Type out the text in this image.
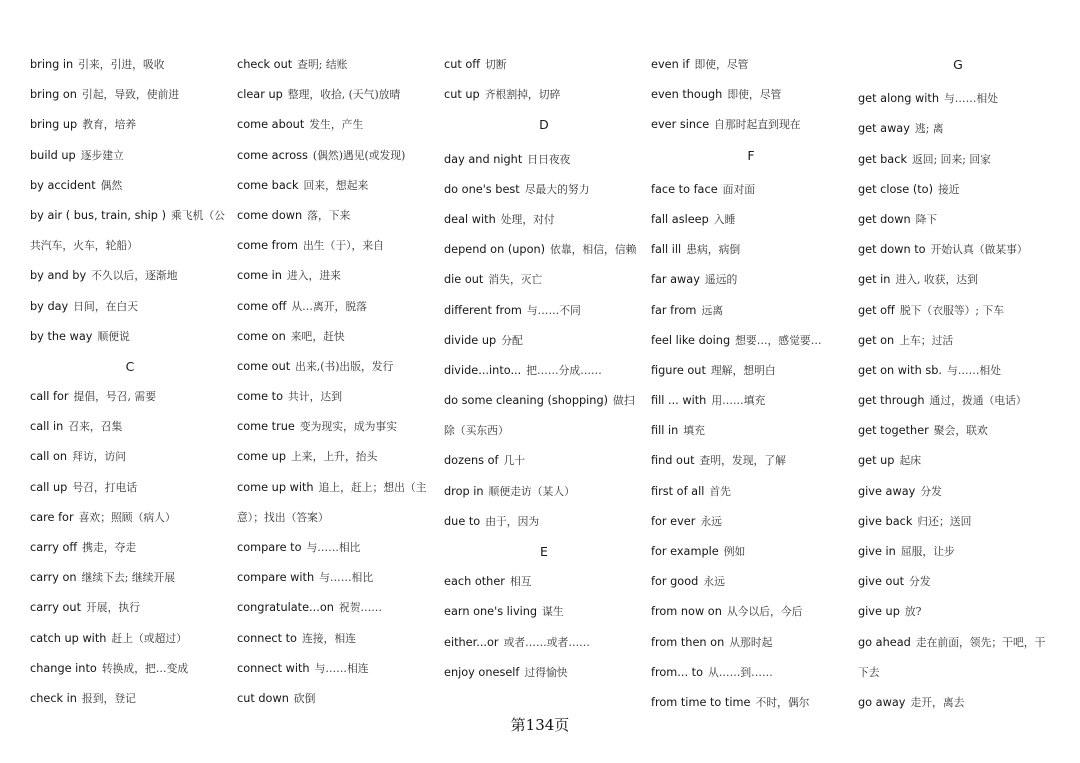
bring in 引来，引进，吸收
bring on 引起，导致，使前进
bring up 教育，培养
build up 逐步建立
by accident 偶然
by air ( bus, train, ship ) 乘飞机（公
共汽车，火车，轮船）
by and by 不久以后，逐渐地
by day 日间，在白天
by the way 顺便说
C
call for 提倡，号召, 需要
call in 召来，召集
call on 拜访，访问
call up 号召，打电话
care for 喜欢；照顾（病人）
carry off 携走，夺走
carry on 继续下去; 继续开展
carry out 开展，执行
catch up with 赶上（或超过）
change into 转换成，把…变成
check in 报到，登记
check out 查明; 结账
clear up 整理，收拾, (天气)放晴
come about 发生，产生
come across (偶然)遇见(或发现)
come back 回来，想起来
come down 落，下来
come from 出生（于），来自
come in 进入，进来
come off 从…离开，脱落
come on 来吧，赶快
come out 出来,(书)出版，发行
come to 共计，达到
come true 变为现实，成为事实
come up 上来，上升，抬头
come up with 追上，赶上；想出（主
意）；找出（答案）
compare to 与……相比
compare with 与……相比
congratulate...on 祝贺……
connect to 连接，相连
connect with 与……相连
cut down 砍倒
cut off 切断
cut up 齐根割掉，切碎
D
day and night 日日夜夜
do one's best 尽最大的努力
deal with 处理，对付
depend on (upon) 依靠，相信，信赖
die out 消失，灭亡
different from 与……不同
divide up 分配
divide...into... 把……分成……
do some cleaning (shopping) 做扫
除（买东西）
dozens of 几十
drop in 顺便走访（某人）
due to 由于，因为
E
each other 相互
earn one's living 谋生
either...or 或者……或者……
enjoy oneself 过得愉快
even if 即使，尽管
even though 即使，尽管
ever since 自那时起直到现在
F
face to face 面对面
fall asleep 入睡
fall ill 患病，病倒
far away 遥远的
far from 远离
feel like doing 想要…，感觉要…
figure out 理解，想明白
fill ... with 用……填充
fill in 填充
find out 查明，发现，了解
first of all 首先
for ever 永远
for example 例如
for good 永远
from now on 从今以后，今后
from then on 从那时起
from... to 从……到……
from time to time 不时，偶尔
G
get along with 与……相处
get away 逃; 离
get back 返回; 回来; 回家
get close (to) 接近
get down 降下
get down to 开始认真（做某事）
get in 进入, 收获，达到
get off 脱下（衣服等）; 下车
get on 上车；过活
get on with sb. 与……相处
get through 通过，拨通（电话）
get together 聚会，联欢
get up 起床
give away 分发
give back 归还；送回
give in 屈服，让步
give out 分发
give up 放?
go ahead 走在前面，领先；干吧，干
下去
go away 走开，离去
第134页
